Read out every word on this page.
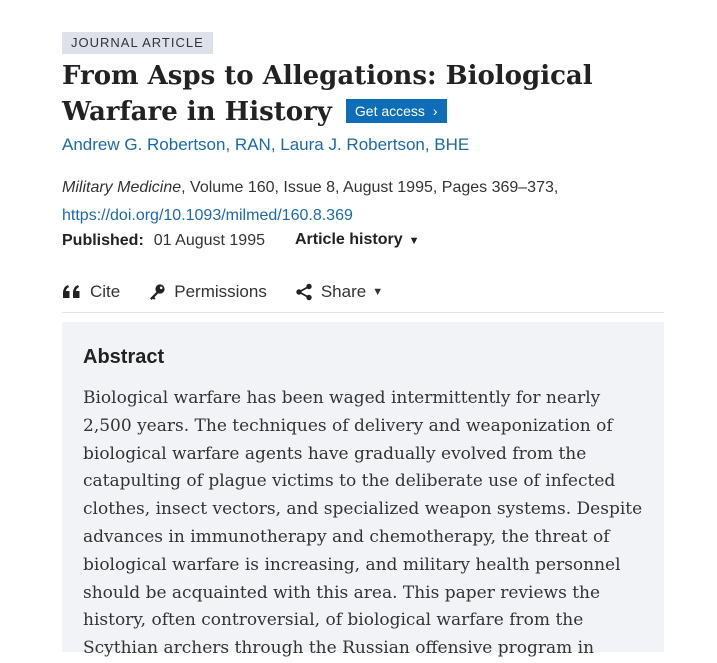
JOURNAL ARTICLE
From Asps to Allegations: Biological Warfare in History Get access ›
Andrew G. Robertson, RAN, Laura J. Robertson, BHE
Military Medicine, Volume 160, Issue 8, August 1995, Pages 369–373,
https://doi.org/10.1093/milmed/160.8.369
Published: 01 August 1995 Article history ▼
Cite	Permissions	Share ▼
Abstract

Biological warfare has been waged intermittently for nearly 2,500 years. The techniques of delivery and weaponization of biological warfare agents have gradually evolved from the catapulting of plague victims to the deliberate use of infected clothes, insect vectors, and specialized weapon systems. Despite advances in immunotherapy and chemotherapy, the threat of biological warfare is increasing, and military health personnel should be acquainted with this area. This paper reviews the history, often controversial, of biological warfare from the Scythian archers through the Russian offensive program in
